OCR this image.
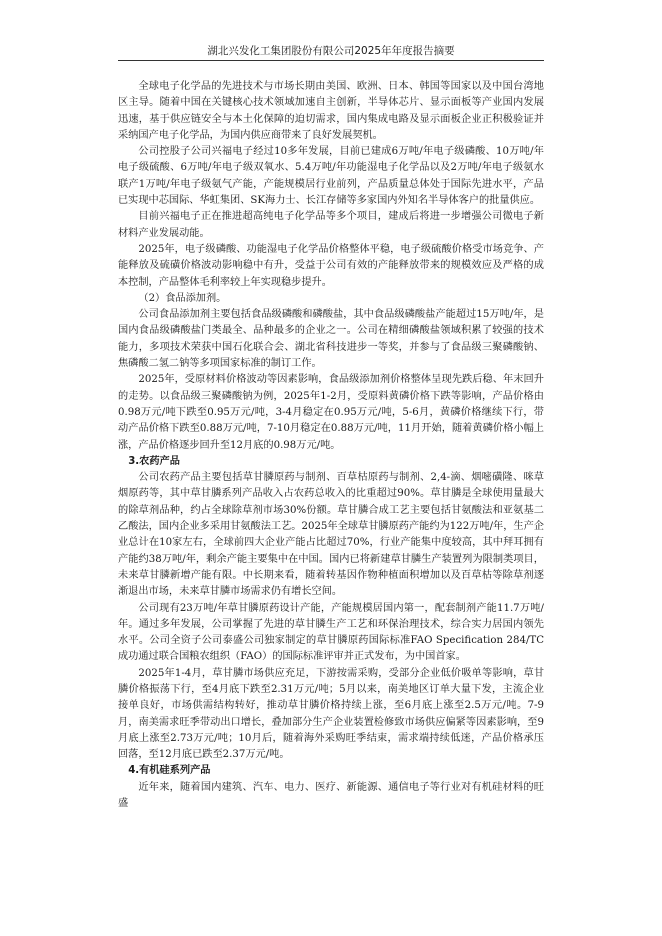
湖北兴发化工集团股份有限公司2025年年度报告摘要

全球电子化学品的先进技术与市场长期由美国、欧洲、日本、韩国等国家以及中国台湾地区主导。随着中国在关键核心技术领域加速自主创新，半导体芯片、显示面板等产业国内发展迅速，基于供应链安全与本土化保障的迫切需求，国内集成电路及显示面板企业正积极验证并采纳国产电子化学品，为国内供应商带来了良好发展契机。

公司控股子公司兴福电子经过10多年发展，目前已建成6万吨/年电子级磷酸、10万吨/年电子级硫酸、6万吨/年电子级双氧水、5.4万吨/年功能湿电子化学品以及2万吨/年电子级氨水联产1万吨/年电子级氨气产能，产能规模居行业前列，产品质量总体处于国际先进水平，产品已实现中芯国际、华虹集团、SK海力士、长江存储等多家国内外知名半导体客户的批量供应。

目前兴福电子正在推进超高纯电子化学品等多个项目，建成后将进一步增强公司微电子新材料产业发展动能。

2025年，电子级磷酸、功能湿电子化学品价格整体平稳，电子级硫酸价格受市场竞争、产能释放及硫磺价格波动影响稳中有升，受益于公司有效的产能释放带来的规模效应及严格的成本控制，产品整体毛利率较上年实现稳步提升。

（2）食品添加剂。

公司食品添加剂主要包括食品级磷酸和磷酸盐，其中食品级磷酸盐产能超过15万吨/年，是国内食品级磷酸盐门类最全、品种最多的企业之一。公司在精细磷酸盐领域积累了较强的技术能力，多项技术荣获中国石化联合会、湖北省科技进步一等奖，并参与了食品级三聚磷酸钠、焦磷酸二氢二钠等多项国家标准的制订工作。

2025年，受原材料价格波动等因素影响，食品级添加剂价格整体呈现先跌后稳、年末回升的走势。以食品级三聚磷酸钠为例，2025年1-2月，受原料黄磷价格下跌等影响，产品价格由0.98万元/吨下跌至0.95万元/吨，3-4月稳定在0.95万元/吨，5-6月，黄磷价格继续下行，带动产品价格下跌至0.88万元/吨，7-10月稳定在0.88万元/吨，11月开始，随着黄磷价格小幅上涨，产品价格逐步回升至12月底的0.98万元/吨。

3.农药产品

公司农药产品主要包括草甘膦原药与制剂、百草枯原药与制剂、2,4-滴、烟嘧磺隆、咪草烟原药等，其中草甘膦系列产品收入占农药总收入的比重超过90%。草甘膦是全球使用量最大的除草剂品种，约占全球除草剂市场30%份额。草甘膦合成工艺主要包括甘氨酸法和亚氨基二乙酸法，国内企业多采用甘氨酸法工艺。2025年全球草甘膦原药产能约为122万吨/年，生产企业总计在10家左右，全球前四大企业产能占比超过70%，行业产能集中度较高，其中拜耳拥有产能约38万吨/年，剩余产能主要集中在中国。国内已将新建草甘膦生产装置列为限制类项目，未来草甘膦新增产能有限。中长期来看，随着转基因作物种植面积增加以及百草枯等除草剂逐渐退出市场，未来草甘膦市场需求仍有增长空间。

公司现有23万吨/年草甘膦原药设计产能，产能规模居国内第一，配套制剂产能11.7万吨/年。通过多年发展，公司掌握了先进的草甘膦生产工艺和环保治理技术，综合实力居国内领先水平。公司全资子公司泰盛公司独家制定的草甘膦原药国际标准FAO Specification 284/TC成功通过联合国粮农组织（FAO）的国际标准评审并正式发布，为中国首家。

2025年1-4月，草甘膦市场供应充足，下游按需采购，受部分企业低价吸单等影响，草甘膦价格振荡下行，至4月底下跌至2.31万元/吨；5月以来，南美地区订单大量下发，主流企业接单良好，市场供需结构转好，推动草甘膦价格持续上涨，至6月底上涨至2.5万元/吨。7-9月，南美需求旺季带动出口增长，叠加部分生产企业装置检修致市场供应偏紧等因素影响，至9月底上涨至2.73万元/吨；10月后，随着海外采购旺季结束，需求端持续低迷，产品价格承压回落，至12月底已跌至2.37万元/吨。

4.有机硅系列产品

近年来，随着国内建筑、汽车、电力、医疗、新能源、通信电子等行业对有机硅材料的旺盛
